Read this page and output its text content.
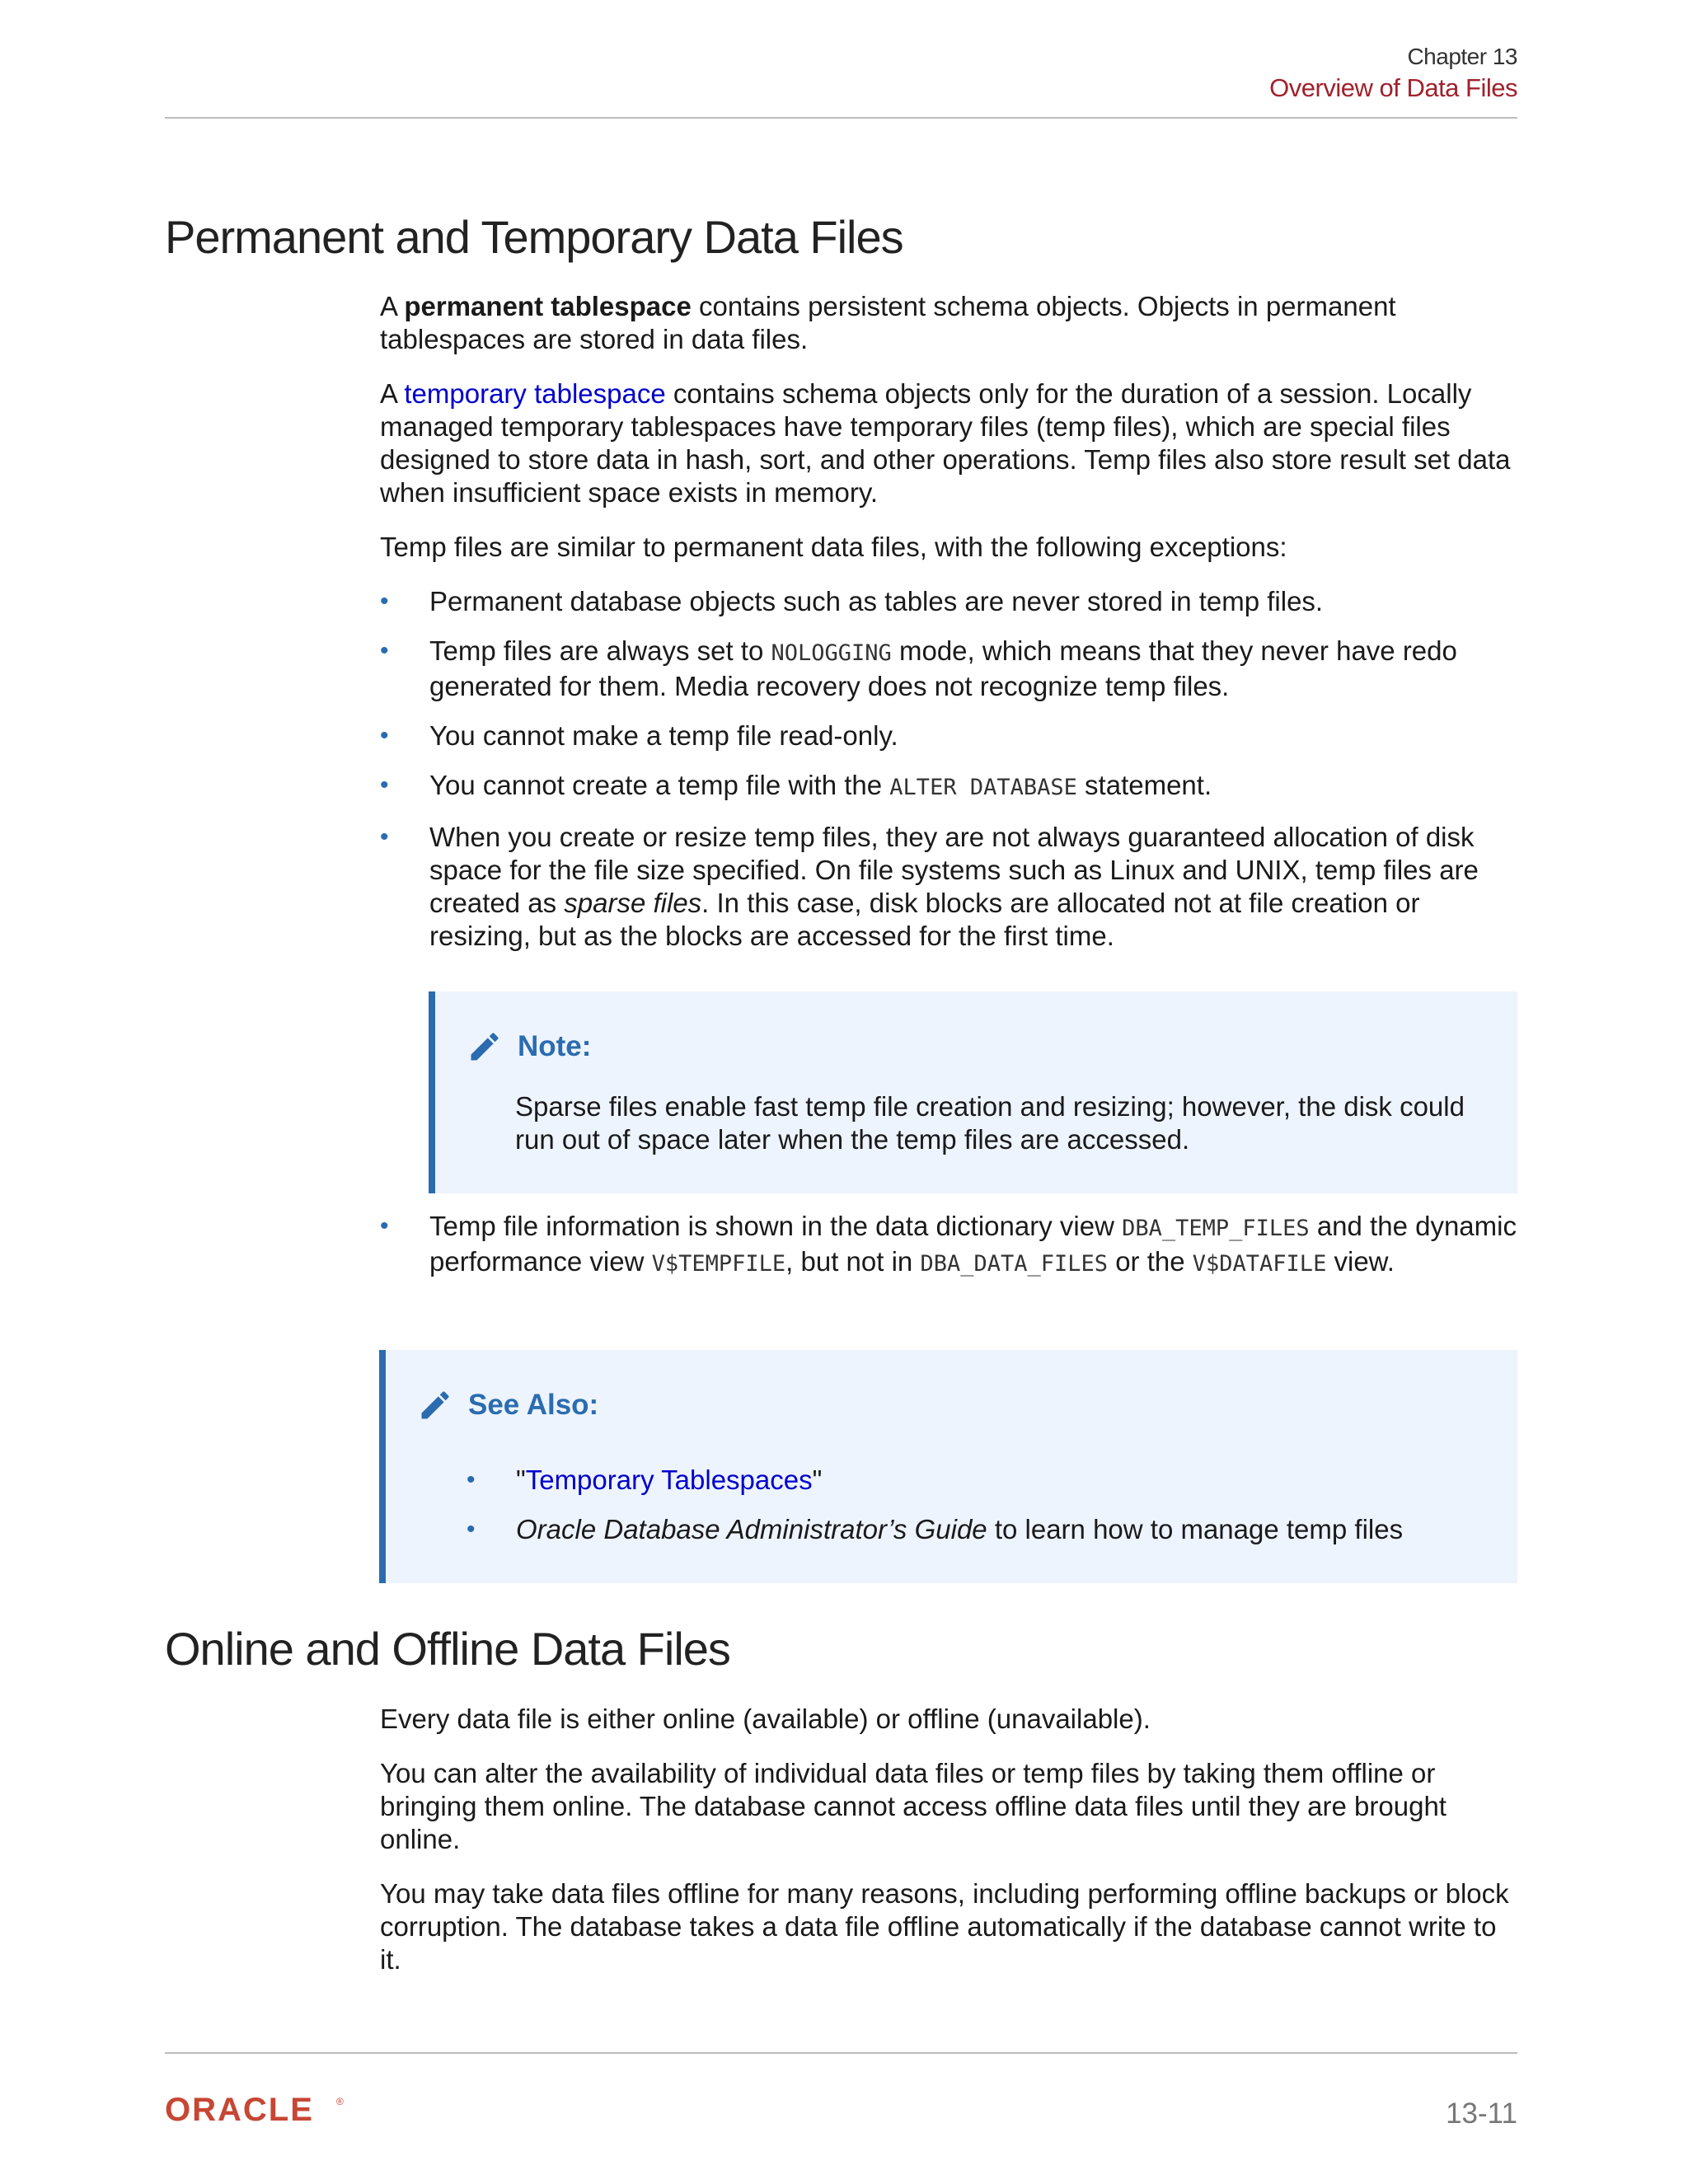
Chapter 13
Overview of Data Files
Permanent and Temporary Data Files

A permanent tablespace contains persistent schema objects. Objects in permanent tablespaces are stored in data files.

A temporary tablespace contains schema objects only for the duration of a session. Locally managed temporary tablespaces have temporary files (temp files), which are special files designed to store data in hash, sort, and other operations. Temp files also store result set data when insufficient space exists in memory.

Temp files are similar to permanent data files, with the following exceptions:

• Permanent database objects such as tables are never stored in temp files.
• Temp files are always set to NOLOGGING mode, which means that they never have redo generated for them. Media recovery does not recognize temp files.
• You cannot make a temp file read-only.
• You cannot create a temp file with the ALTER DATABASE statement.
• When you create or resize temp files, they are not always guaranteed allocation of disk space for the file size specified. On file systems such as Linux and UNIX, temp files are created as sparse files. In this case, disk blocks are allocated not at file creation or resizing, but as the blocks are accessed for the first time.
Note:
Sparse files enable fast temp file creation and resizing; however, the disk could run out of space later when the temp files are accessed.
• Temp file information is shown in the data dictionary view DBA_TEMP_FILES and the dynamic performance view V$TEMPFILE, but not in DBA_DATA_FILES or the V$DATAFILE view.
See Also:
• "Temporary Tablespaces"
• Oracle Database Administrator’s Guide to learn how to manage temp files
Online and Offline Data Files

Every data file is either online (available) or offline (unavailable).

You can alter the availability of individual data files or temp files by taking them offline or bringing them online. The database cannot access offline data files until they are brought online.

You may take data files offline for many reasons, including performing offline backups or block corruption. The database takes a data file offline automatically if the database cannot write to it.

ORACLE ®	13-11
